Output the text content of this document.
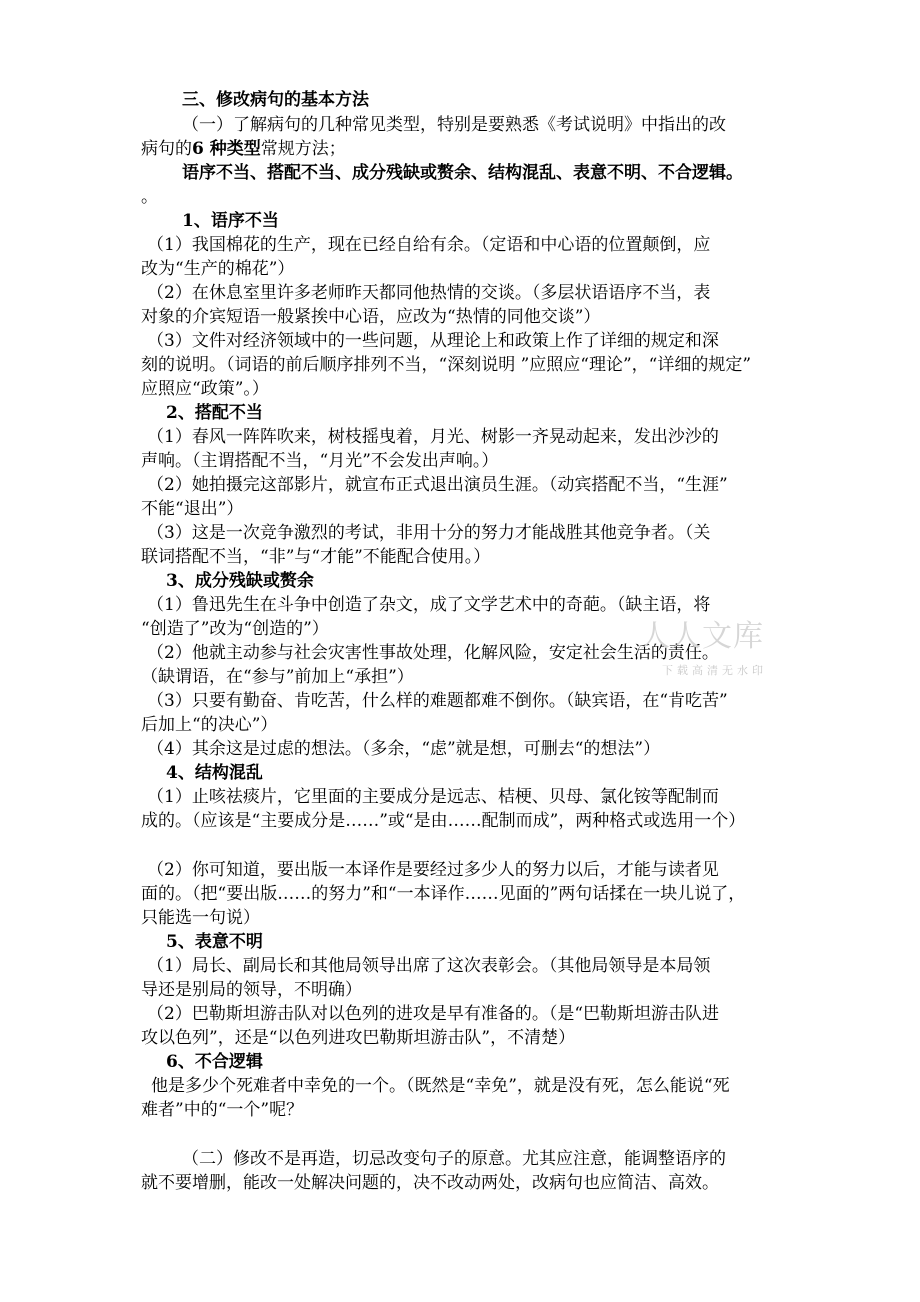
三、修改病句的基本方法
（一）了解病句的几种常见类型，特别是要熟悉《考试说明》中指出的改
病句的6 种类型常规方法；
语序不当、搭配不当、成分残缺或赘余、结构混乱、表意不明、不合逻辑。
。
1、语序不当
（1）我国棉花的生产，现在已经自给有余。（定语和中心语的位置颠倒，应
改为“生产的棉花”）
（2）在休息室里许多老师昨天都同他热情的交谈。（多层状语语序不当，表
对象的介宾短语一般紧挨中心语，应改为“热情的同他交谈”）
（3）文件对经济领域中的一些问题，从理论上和政策上作了详细的规定和深
刻的说明。（词语的前后顺序排列不当，“深刻说明 ”应照应“理论”，“详细的规定”
应照应“政策”。）
2、搭配不当
（1）春风一阵阵吹来，树枝摇曳着，月光、树影一齐晃动起来，发出沙沙的
声响。（主谓搭配不当，“月光”不会发出声响。）
（2）她拍摄完这部影片，就宣布正式退出演员生涯。（动宾搭配不当，“生涯”
不能“退出”）
（3）这是一次竞争激烈的考试，非用十分的努力才能战胜其他竞争者。（关
联词搭配不当，“非”与“才能”不能配合使用。）
3、成分残缺或赘余
（1）鲁迅先生在斗争中创造了杂文，成了文学艺术中的奇葩。（缺主语，将
“创造了”改为“创造的”）
（2）他就主动参与社会灾害性事故处理，化解风险，安定社会生活的责任。
（缺谓语，在“参与”前加上“承担”）
（3）只要有勤奋、肯吃苦，什么样的难题都难不倒你。（缺宾语，在“肯吃苦”
后加上“的决心”）
（4）其余这是过虑的想法。（多余，“虑”就是想，可删去“的想法”）
4、结构混乱
（1）止咳祛痰片，它里面的主要成分是远志、桔梗、贝母、氯化铵等配制而
成的。（应该是“主要成分是……”或“是由……配制而成”，两种格式或选用一个）
（2）你可知道，要出版一本译作是要经过多少人的努力以后，才能与读者见
面的。（把“要出版……的努力”和“一本译作……见面的”两句话揉在一块儿说了，
只能选一句说）
5、表意不明
（1）局长、副局长和其他局领导出席了这次表彰会。（其他局领导是本局领
导还是别局的领导，不明确）
（2）巴勒斯坦游击队对以色列的进攻是早有准备的。（是“巴勒斯坦游击队进
攻以色列”，还是“以色列进攻巴勒斯坦游击队”，不清楚）
6、不合逻辑
他是多少个死难者中幸免的一个。（既然是“幸免”，就是没有死，怎么能说“死
难者”中的“一个”呢？
（二）修改不是再造，切忌改变句子的原意。尤其应注意，能调整语序的
就不要增删，能改一处解决问题的，决不改动两处，改病句也应简洁、高效。
人人文库
下载高清无水印
